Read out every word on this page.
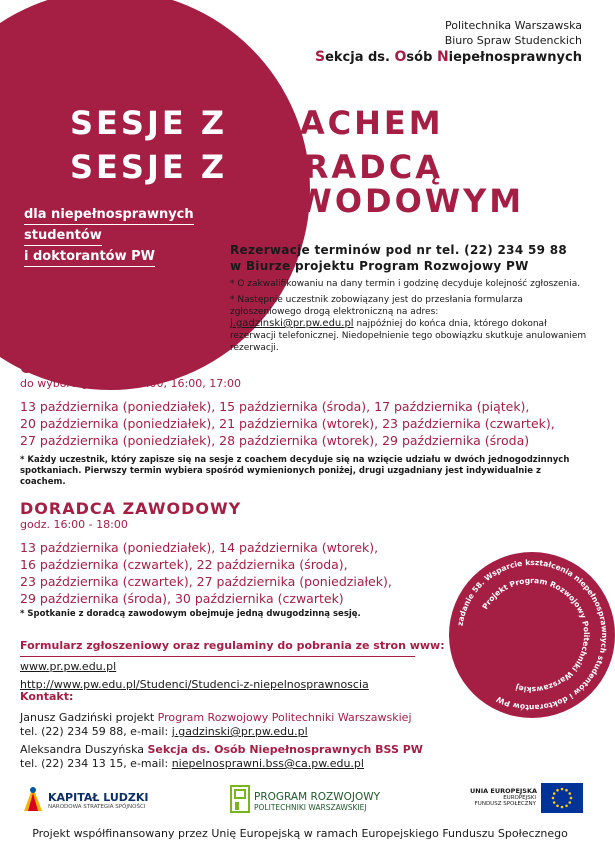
Politechnika Warszawska
Biuro Spraw Studenckich
Sekcja ds. Osób Niepełnosprawnych
SESJE Z COACHEM
SESJE Z DORADCĄ
ZAWODOWYM
dla niepełnosprawnych
studentów
i doktorantów PW	Rezerwacje terminów pod nr tel. (22) 234 59 88
w Biurze projektu Program Rozwojowy PW
* O zakwalifikowaniu na dany termin i godzinę decyduje kolejność zgłoszenia.
* Następnie uczestnik zobowiązany jest do przesłania formularza zgłoszeniowego drogą elektroniczną na adres:
j.gadzinski@pr.pw.edu.pl najpóźniej do końca dnia, którego dokonał rezerwacji telefonicznej. Niedopełnienie tego obowiązku skutkuje anulowaniem rezerwacji.
COACH
do wyboru godzina: 15:00, 16:00, 17:00
13 października (poniedziałek), 15 października (środa), 17 października (piątek),
20 października (poniedziałek), 21 października (wtorek), 23 października (czwartek),
27 października (poniedziałek), 28 października (wtorek), 29 października (środa)
* Każdy uczestnik, który zapisze się na sesje z coachem decyduje się na wzięcie udziału w dwóch jednogodzinnych spotkaniach. Pierwszy termin wybiera spośród wymienionych poniżej, drugi uzgadniany jest indywidualnie z coachem.
DORADCA ZAWODOWY
godz. 16:00 - 18:00
13 października (poniedziałek), 14 października (wtorek),
16 października (czwartek), 22 października (środa),
23 października (czwartek), 27 października (poniedziałek),
29 października (środa), 30 października (czwartek)
* Spotkanie z doradcą zawodowym obejmuje jedną dwugodzinną sesję.
Formularz zgłoszeniowy oraz regulaminy do pobrania ze stron www:
www.pr.pw.edu.pl
http://www.pw.edu.pl/Studenci/Studenci-z-niepelnosprawnoscia
Kontakt:
Janusz Gadziński projekt Program Rozwojowy Politechniki Warszawskiej
tel. (22) 234 59 88, e-mail: j.gadzinski@pr.pw.edu.pl
Aleksandra Duszyńska Sekcja ds. Osób Niepełnosprawnych BSS PW
tel. (22) 234 13 15, e-mail: niepelnosprawni.bss@ca.pw.edu.pl
zadanie 58. Wsparcie kształcenia niepełnosprawnych studentów i doktorantów PW
Projekt Program Rozwojowy Politechniki Warszawskiej
KAPITAŁ LUDZKI
NARODOWA STRATEGIA SPÓJNOŚCI
PROGRAM ROZWOJOWY
POLITECHNIKI WARSZAWSKIEJ
UNIA EUROPEJSKA
EUROPEJSKI
FUNDUSZ SPOŁECZNY
Projekt współfinansowany przez Unię Europejską w ramach Europejskiego Funduszu Społecznego
